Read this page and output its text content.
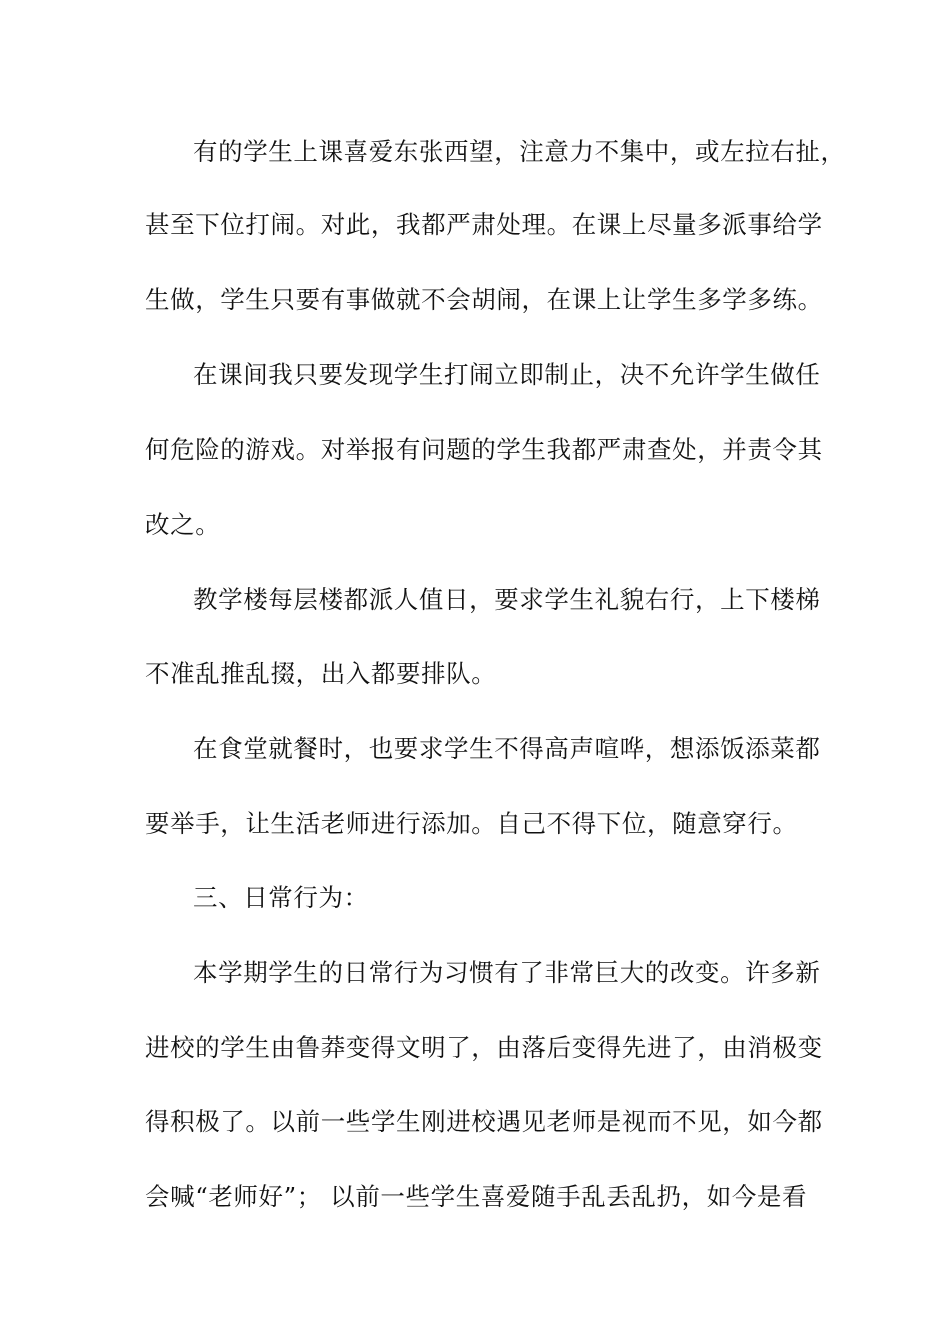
有的学生上课喜爱东张西望，注意力不集中，或左拉右扯，
甚至下位打闹。对此，我都严肃处理。在课上尽量多派事给学
生做，学生只要有事做就不会胡闹，在课上让学生多学多练。
在课间我只要发现学生打闹立即制止，决不允许学生做任
何危险的游戏。对举报有问题的学生我都严肃查处，并责令其
改之。
教学楼每层楼都派人值日，要求学生礼貌右行，上下楼梯
不准乱推乱掇，出入都要排队。
在食堂就餐时，也要求学生不得高声喧哗，想添饭添菜都
要举手，让生活老师进行添加。自己不得下位，随意穿行。
三、日常行为：
本学期学生的日常行为习惯有了非常巨大的改变。许多新
进校的学生由鲁莽变得文明了，由落后变得先进了，由消极变
得积极了。以前一些学生刚进校遇见老师是视而不见，如今都
会喊“老师好”； 以前一些学生喜爱随手乱丢乱扔，如今是看
